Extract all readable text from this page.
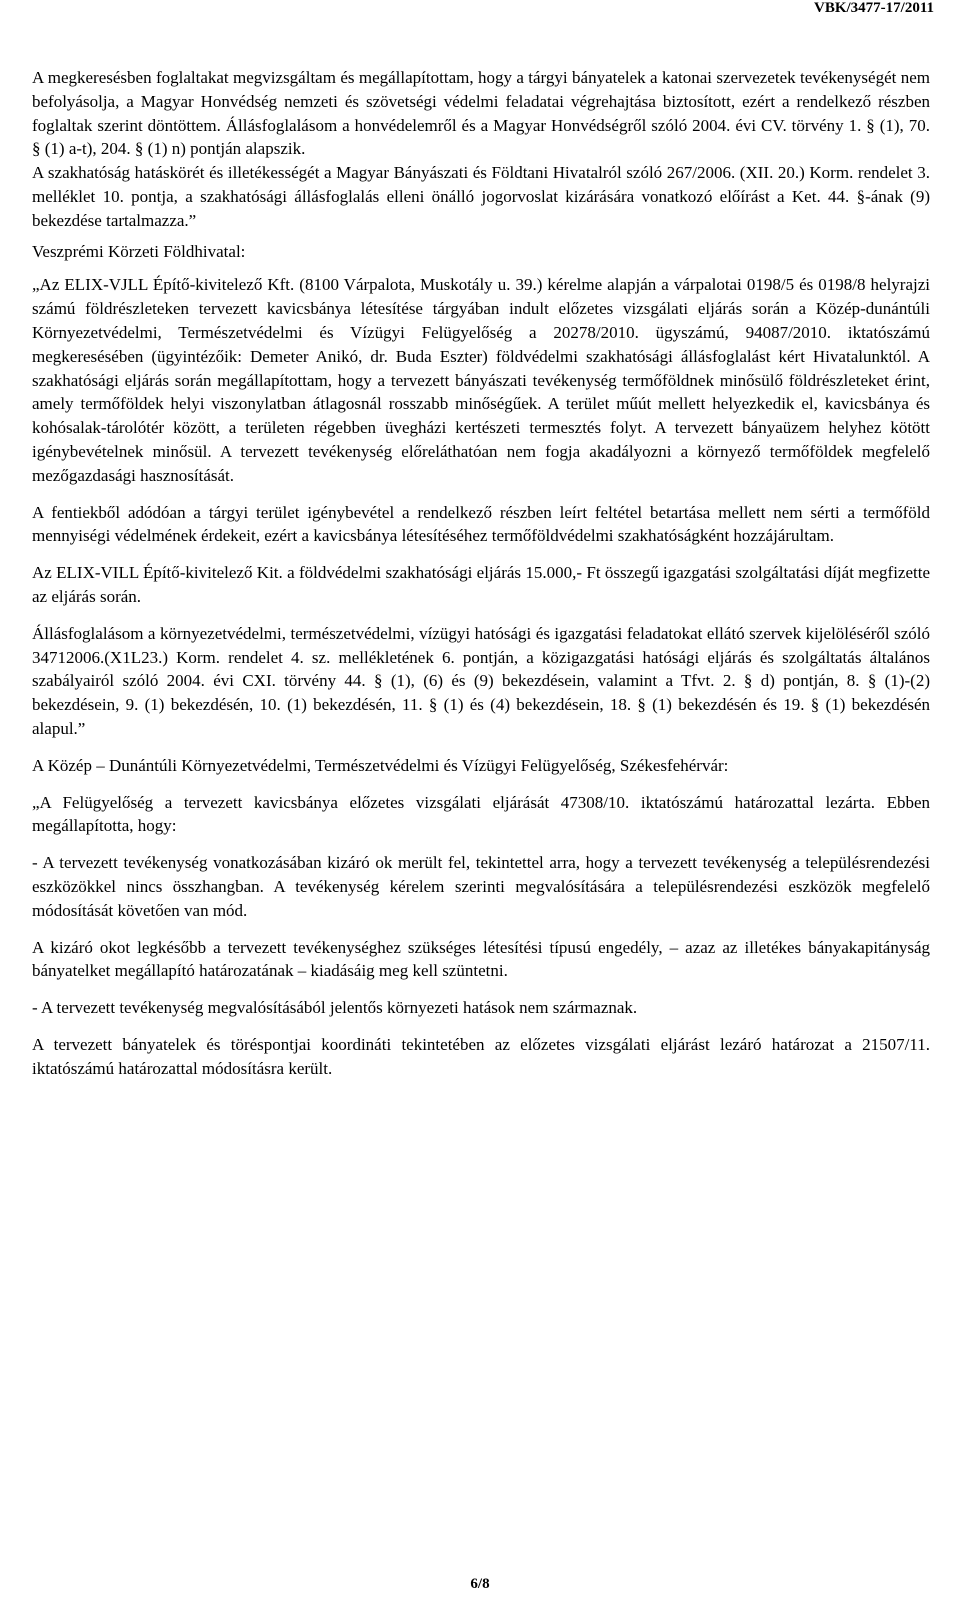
VBK/3477-17/2011

A megkeresésben foglaltakat megvizsgáltam és megállapítottam, hogy a tárgyi bányatelek a katonai szervezetek tevékenységét nem befolyásolja, a Magyar Honvédség nemzeti és szövetségi védelmi feladatai végrehajtása biztosított, ezért a rendelkező részben foglaltak szerint döntöttem. Állásfoglalásom a honvédelemről és a Magyar Honvédségről szóló 2004. évi CV. törvény 1. § (1), 70. § (1) a-t), 204. § (1) n) pontján alapszik.

A szakhatóság hatáskörét és illetékességét a Magyar Bányászati és Földtani Hivatalról szóló 267/2006. (XII. 20.) Korm. rendelet 3. melléklet 10. pontja, a szakhatósági állásfoglalás elleni önálló jogorvoslat kizárására vonatkozó előírást a Ket. 44. §-ának (9) bekezdése tartalmazza.”

Veszprémi Körzeti Földhivatal:

„Az ELIX-VJLL Építő-kivitelező Kft. (8100 Várpalota, Muskotály u. 39.) kérelme alapján a várpalotai 0198/5 és 0198/8 helyrajzi számú földrészleteken tervezett kavicsbánya létesítése tárgyában indult előzetes vizsgálati eljárás során a Közép-dunántúli Környezetvédelmi, Természetvédelmi és Vízügyi Felügyelőség a 20278/2010. ügyszámú, 94087/2010. iktatószámú megkeresésében (ügyintézőik: Demeter Anikó, dr. Buda Eszter) földvédelmi szakhatósági állásfoglalást kért Hivatalunktól. A szakhatósági eljárás során megállapítottam, hogy a tervezett bányászati tevékenység termőföldnek minősülő földrészleteket érint, amely termőföldek helyi viszonylatban átlagosnál rosszabb minőségűek. A terület műút mellett helyezkedik el, kavicsbánya és kohósalak-tárolótér között, a területen régebben üvegházi kertészeti termesztés folyt. A tervezett bányaüzem helyhez kötött igénybevételnek minősül. A tervezett tevékenység előreláthatóan nem fogja akadályozni a környező termőföldek megfelelő mezőgazdasági hasznosítását.

A fentiekből adódóan a tárgyi terület igénybevétel a rendelkező részben leírt feltétel betartása mellett nem sérti a termőföld mennyiségi védelmének érdekeit, ezért a kavicsbánya létesítéséhez termőföldvédelmi szakhatóságként hozzájárultam.

Az ELIX-VILL Építő-kivitelező Kit. a földvédelmi szakhatósági eljárás 15.000,- Ft összegű igazgatási szolgáltatási díját megfizette az eljárás során.

Állásfoglalásom a környezetvédelmi, természetvédelmi, vízügyi hatósági és igazgatási feladatokat ellátó szervek kijelöléséről szóló 34712006.(X1L23.) Korm. rendelet 4. sz. mellékletének 6. pontján, a közigazgatási hatósági eljárás és szolgáltatás általános szabályairól szóló 2004. évi CXI. törvény 44. § (1), (6) és (9) bekezdésein, valamint a Tfvt. 2. § d) pontján, 8. § (1)-(2) bekezdésein, 9. (1) bekezdésén, 10. (1) bekezdésén, 11. § (1) és (4) bekezdésein, 18. § (1) bekezdésén és 19. § (1) bekezdésén alapul.”

A Közép – Dunántúli Környezetvédelmi, Természetvédelmi és Vízügyi Felügyelőség, Székesfehérvár:

„A Felügyelőség a tervezett kavicsbánya előzetes vizsgálati eljárását 47308/10. iktatószámú határozattal lezárta. Ebben megállapította, hogy:

- A tervezett tevékenység vonatkozásában kizáró ok merült fel, tekintettel arra, hogy a tervezett tevékenység a településrendezési eszközökkel nincs összhangban. A tevékenység kérelem szerinti megvalósítására a településrendezési eszközök megfelelő módosítását követően van mód.

A kizáró okot legkésőbb a tervezett tevékenységhez szükséges létesítési típusú engedély, – azaz az illetékes bányakapitányság bányatelket megállapító határozatának – kiadásáig meg kell szüntetni.

- A tervezett tevékenység megvalósításából jelentős környezeti hatások nem származnak.

A tervezett bányatelek és töréspontjai koordináti tekintetében az előzetes vizsgálati eljárást lezáró határozat a 21507/11. iktatószámú határozattal módosításra került.

6/8
